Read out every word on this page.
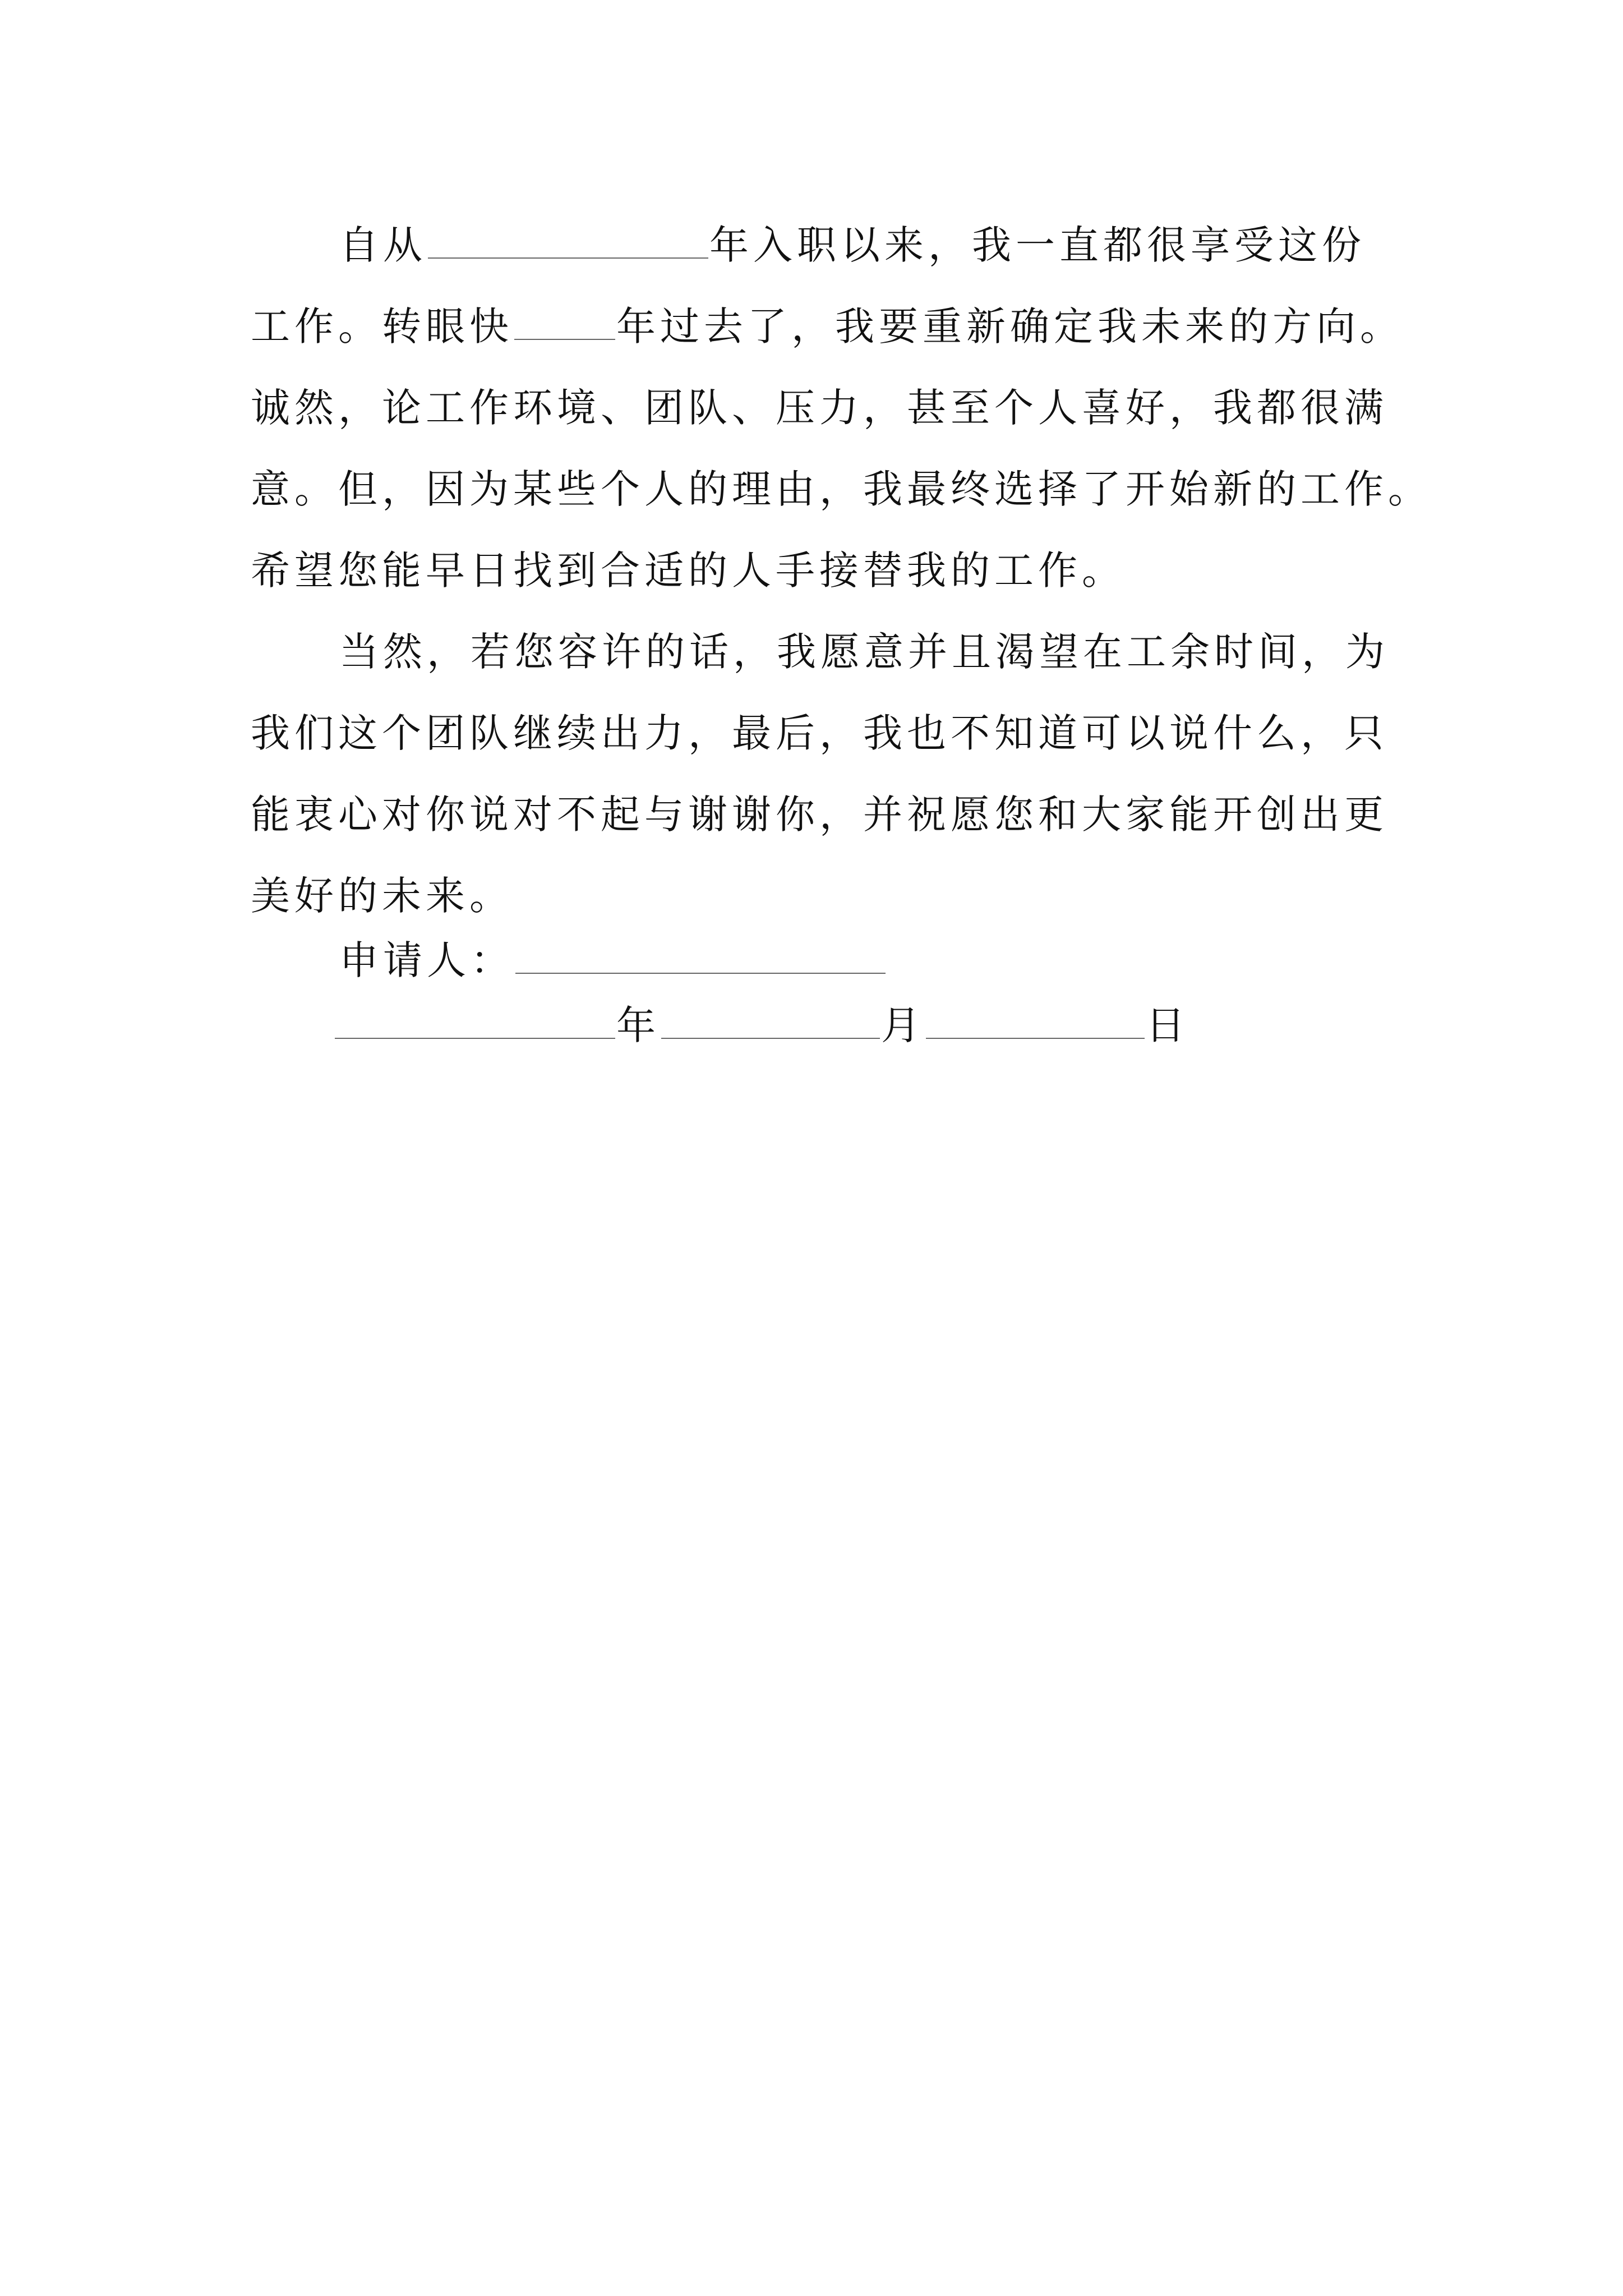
自从	年入职以来，我一直都很享受这份
工作。转眼快	年过去了，我要重新确定我未来的方向。
诚然，论工作环境、团队、压力，甚至个人喜好，我都很满
意。但，因为某些个人的理由，我最终选择了开始新的工作。
希望您能早日找到合适的人手接替我的工作。
当然，若您容许的话，我愿意并且渴望在工余时间，为
我们这个团队继续出力，最后，我也不知道可以说什么，只
能衷心对你说对不起与谢谢你，并祝愿您和大家能开创出更
美好的未来。
申请人：
年	月	日
